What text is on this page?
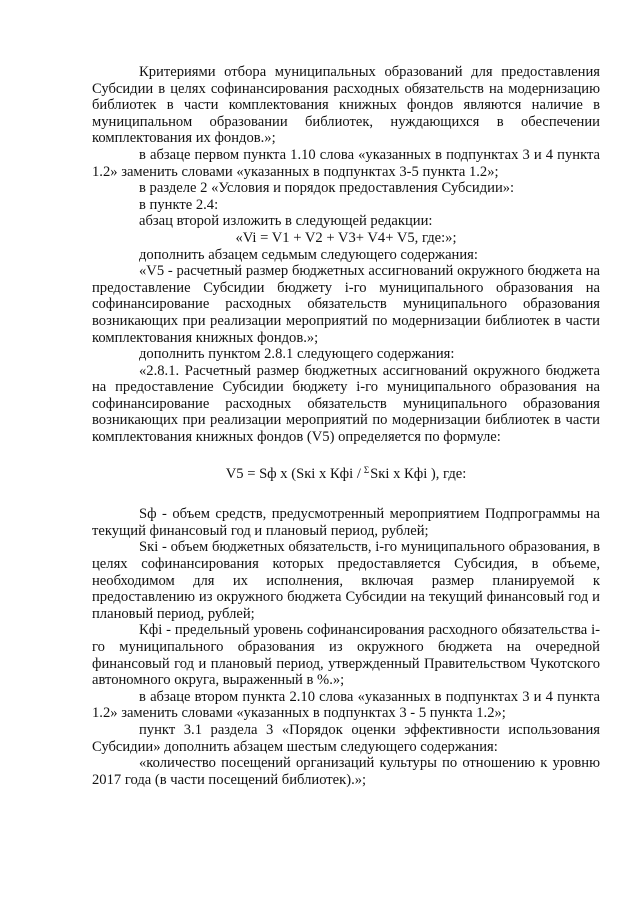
Критериями отбора муниципальных образований для предоставления Субсидии в целях софинансирования расходных обязательств на модернизацию библиотек в части комплектования книжных фондов являются наличие в муниципальном образовании библиотек, нуждающихся в обеспечении комплектования их фондов.»;

в абзаце первом пункта 1.10 слова «указанных в подпунктах 3 и 4 пункта 1.2» заменить словами «указанных в подпунктах 3-5 пункта 1.2»;

в разделе 2 «Условия и порядок предоставления Субсидии»:

в пункте 2.4:

абзац второй изложить в следующей редакции:

«Vi = V1 + V2 + V3+ V4+ V5, где:»;

дополнить абзацем седьмым следующего содержания:

«V5 - расчетный размер бюджетных ассигнований окружного бюджета на предоставление Субсидии бюджету i-го муниципального образования на софинансирование расходных обязательств муниципального образования возникающих при реализации мероприятий по модернизации библиотек в части комплектования книжных фондов.»;

дополнить пунктом 2.8.1 следующего содержания:

«2.8.1. Расчетный размер бюджетных ассигнований окружного бюджета на предоставление Субсидии бюджету i-го муниципального образования на софинансирование расходных обязательств муниципального образования возникающих при реализации мероприятий по модернизации библиотек в части комплектования книжных фондов (V5) определяется по формуле:

V5 = Sф х (Sкi х Кфi / $^\Sigma$Sкi х Кфi ), где:

Sф - объем средств, предусмотренный мероприятием Подпрограммы на текущий финансовый год и плановый период, рублей;

Sкi - объем бюджетных обязательств, i-го муниципального образования, в целях софинансирования которых предоставляется Субсидия, в объеме, необходимом для их исполнения, включая размер планируемой к предоставлению из окружного бюджета Субсидии на текущий финансовый год и плановый период, рублей;

Кфi - предельный уровень софинансирования расходного обязательства i-го муниципального образования из окружного бюджета на очередной финансовый год и плановый период, утвержденный Правительством Чукотского автономного округа, выраженный в %.»;

в абзаце втором пункта 2.10 слова «указанных в подпунктах 3 и 4 пункта 1.2» заменить словами «указанных в подпунктах 3 - 5 пункта 1.2»;

пункт 3.1 раздела 3 «Порядок оценки эффективности использования Субсидии» дополнить абзацем шестым следующего содержания:

«количество посещений организаций культуры по отношению к уровню 2017 года (в части посещений библиотек).»;
